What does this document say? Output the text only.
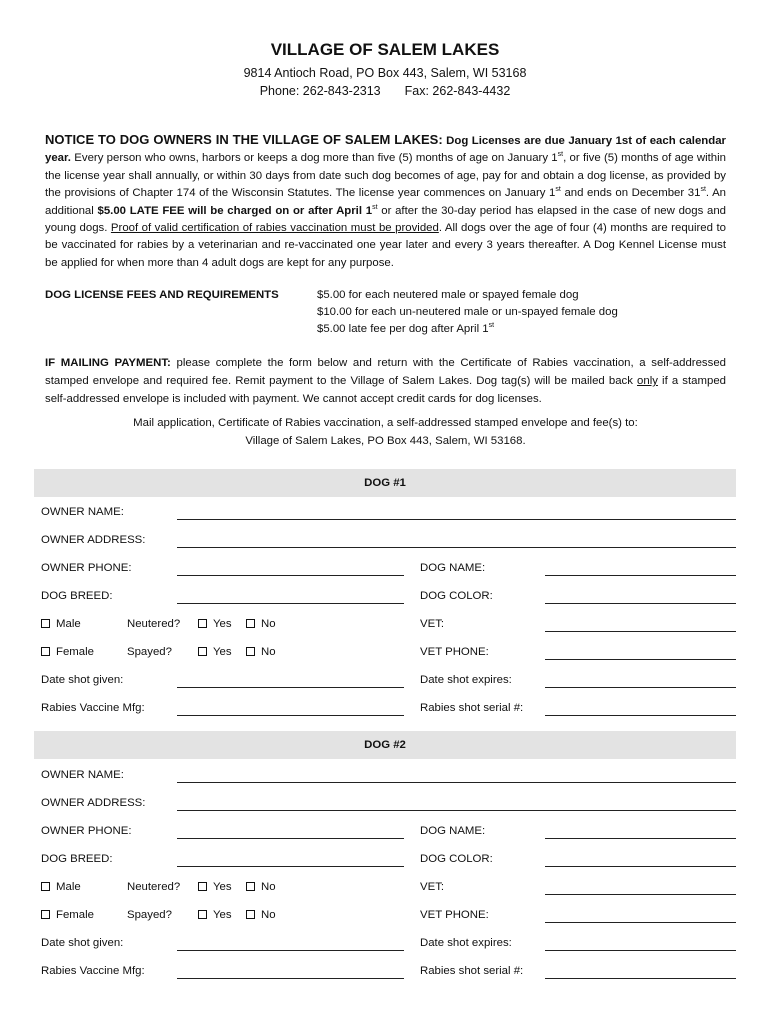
VILLAGE OF SALEM LAKES
9814 Antioch Road, PO Box 443, Salem, WI 53168
Phone: 262-843-2313 Fax: 262-843-4432
NOTICE TO DOG OWNERS IN THE VILLAGE OF SALEM LAKES: Dog Licenses are due January 1st of each calendar year. Every person who owns, harbors or keeps a dog more than five (5) months of age on January 1st, or five (5) months of age within the license year shall annually, or within 30 days from date such dog becomes of age, pay for and obtain a dog license, as provided by the provisions of Chapter 174 of the Wisconsin Statutes. The license year commences on January 1st and ends on December 31st. An additional $5.00 LATE FEE will be charged on or after April 1st or after the 30-day period has elapsed in the case of new dogs and young dogs. Proof of valid certification of rabies vaccination must be provided. All dogs over the age of four (4) months are required to be vaccinated for rabies by a veterinarian and re-vaccinated one year later and every 3 years thereafter. A Dog Kennel License must be applied for when more than 4 adult dogs are kept for any purpose.
DOG LICENSE FEES AND REQUIREMENTS	$5.00 for each neutered male or spayed female dog
$10.00 for each un-neutered male or un-spayed female dog
$5.00 late fee per dog after April 1st
IF MAILING PAYMENT: please complete the form below and return with the Certificate of Rabies vaccination, a self-addressed stamped envelope and required fee. Remit payment to the Village of Salem Lakes. Dog tag(s) will be mailed back only if a stamped self-addressed envelope is included with payment. We cannot accept credit cards for dog licenses.
Mail application, Certificate of Rabies vaccination, a self-addressed stamped envelope and fee(s) to:
Village of Salem Lakes, PO Box 443, Salem, WI 53168.
DOG #1
OWNER NAME:
OWNER ADDRESS:
OWNER PHONE:	DOG NAME:
DOG BREED:	DOG COLOR:
Male	Neutered?	Yes	No	VET:
Female	Spayed?	Yes	No	VET PHONE:
Date shot given:	Date shot expires:
Rabies Vaccine Mfg:	Rabies shot serial #:
DOG #2
OWNER NAME:
OWNER ADDRESS:
OWNER PHONE:	DOG NAME:
DOG BREED:	DOG COLOR:
Male	Neutered?	Yes	No	VET:
Female	Spayed?	Yes	No	VET PHONE:
Date shot given:	Date shot expires:
Rabies Vaccine Mfg:	Rabies shot serial #:
